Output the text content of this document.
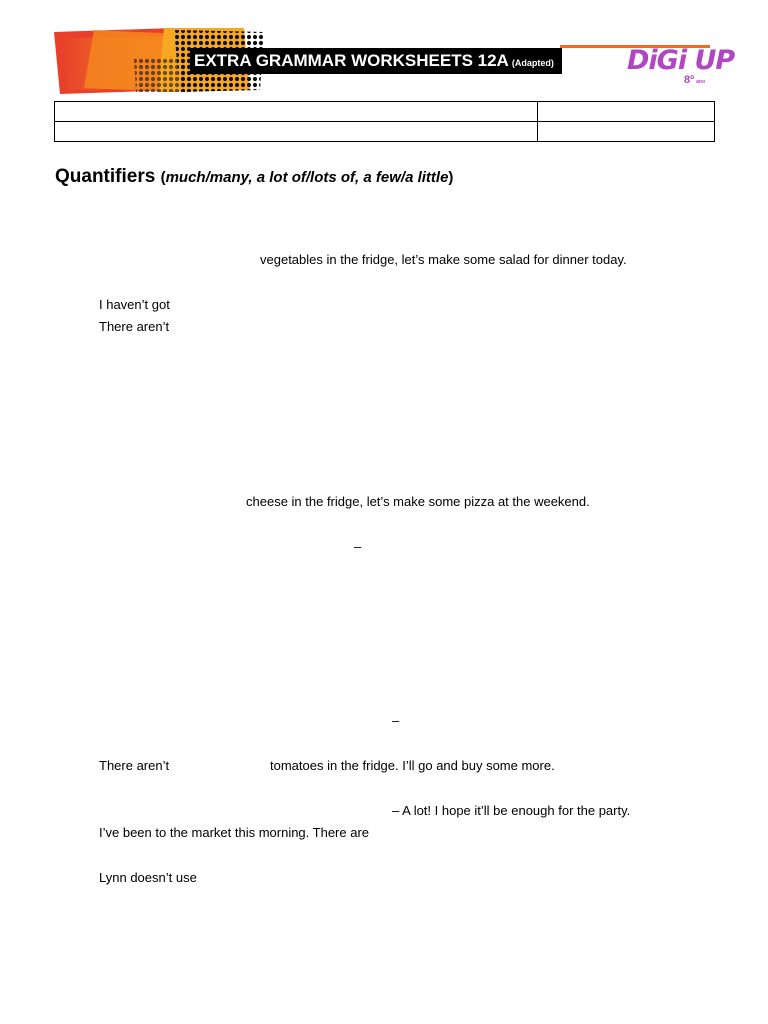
EXTRA GRAMMAR WORKSHEETS 12A (Adapted)	DiGi UP
8º ano

Quantifiers (much/many, a lot of/lots of, a few/a little)
vegetables in the fridge, let’s make some salad for dinner today.
I haven’t got
There aren’t
cheese in the fridge, let’s make some pizza at the weekend.
–
–
There aren’t	tomatoes in the fridge. I’ll go and buy some more.
– A lot! I hope it’ll be enough for the party.
I’ve been to the market this morning. There are
Lynn doesn’t use
